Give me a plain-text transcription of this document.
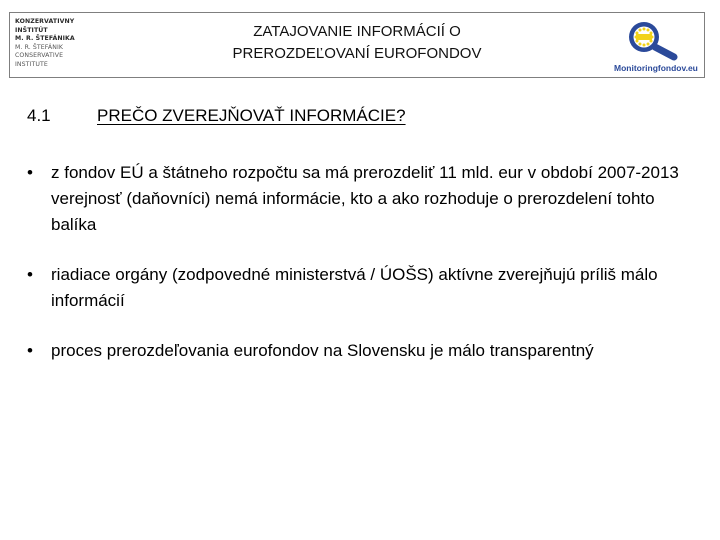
KONZERVATÍVNY
INŠTITÚT
M. R. ŠTEFÁNIKA
M. R. ŠTEFÁNIK
CONSERVATIVE
INSTITUTE
ZATAJOVANIE INFORMÁCIÍ O
PREROZDEĽOVANÍ EUROFONDOV
Monitoringfondov.eu
4.1	PREČO ZVEREJŇOVAŤ INFORMÁCIE?
• z fondov EÚ a štátneho rozpočtu sa má prerozdeliť 11 mld. eur v období 2007-2013 verejnosť (daňovníci) nemá informácie, kto a ako rozhoduje o prerozdelení tohto balíka
• riadiace orgány (zodpovedné ministerstvá / ÚOŠS) aktívne zverejňujú príliš málo informácií
• proces prerozdeľovania eurofondov na Slovensku je málo transparentný
